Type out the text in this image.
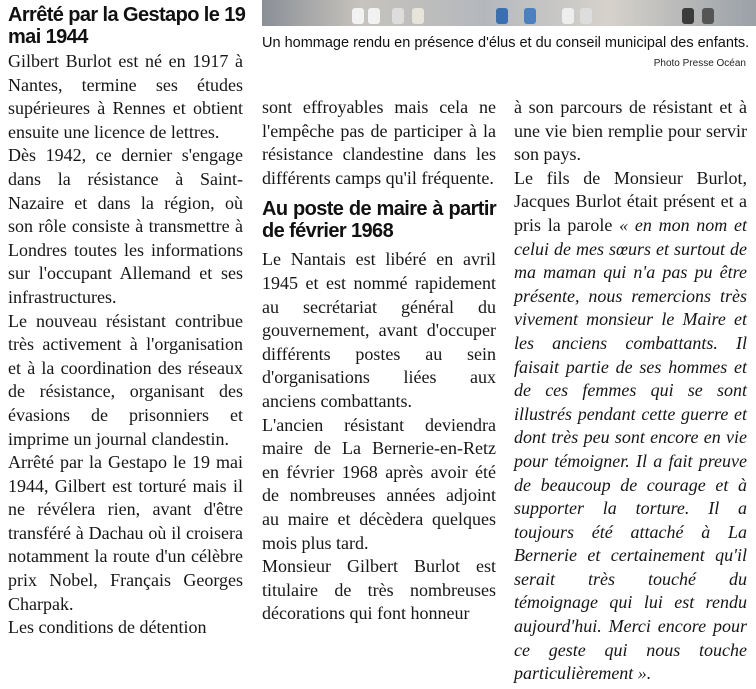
Un hommage rendu en présence d'élus et du conseil municipal des enfants.
Photo Presse Océan
Arrêté par la Gestapo le 19 mai 1944

Gilbert Burlot est né en 1917 à Nantes, termine ses études supérieures à Rennes et obtient ensuite une licence de lettres.

Dès 1942, ce dernier s'engage dans la résistance à Saint-Nazaire et dans la région, où son rôle consiste à transmettre à Londres toutes les informations sur l'occupant Allemand et ses infrastructures.

Le nouveau résistant contribue très activement à l'organisation et à la coordination des réseaux de résistance, organisant des évasions de prisonniers et imprime un journal clandestin.

Arrêté par la Gestapo le 19 mai 1944, Gilbert est torturé mais il ne révélera rien, avant d'être transféré à Dachau où il croisera notamment la route d'un célèbre prix Nobel, Français Georges Charpak.

Les conditions de détention

sont effroyables mais cela ne l'empêche pas de participer à la résistance clandestine dans les différents camps qu'il fréquente.

Au poste de maire à partir de février 1968

Le Nantais est libéré en avril 1945 et est nommé rapidement au secrétariat général du gouvernement, avant d'occuper différents postes au sein d'organisations liées aux anciens combattants.

L'ancien résistant deviendra maire de La Bernerie-en-Retz en février 1968 après avoir été de nombreuses années adjoint au maire et décèdera quelques mois plus tard.

Monsieur Gilbert Burlot est titulaire de très nombreuses décorations qui font honneur

à son parcours de résistant et à une vie bien remplie pour servir son pays.

Le fils de Monsieur Burlot, Jacques Burlot était présent et a pris la parole « en mon nom et celui de mes sœurs et surtout de ma maman qui n'a pas pu être présente, nous remercions très vivement monsieur le Maire et les anciens combattants. Il faisait partie de ses hommes et de ces femmes qui se sont illustrés pendant cette guerre et dont très peu sont encore en vie pour témoigner. Il a fait preuve de beaucoup de courage et à supporter la torture. Il a toujours été attaché à La Bernerie et certainement qu'il serait très touché du témoignage qui lui est rendu aujourd'hui. Merci encore pour ce geste qui nous touche particulièrement ».
